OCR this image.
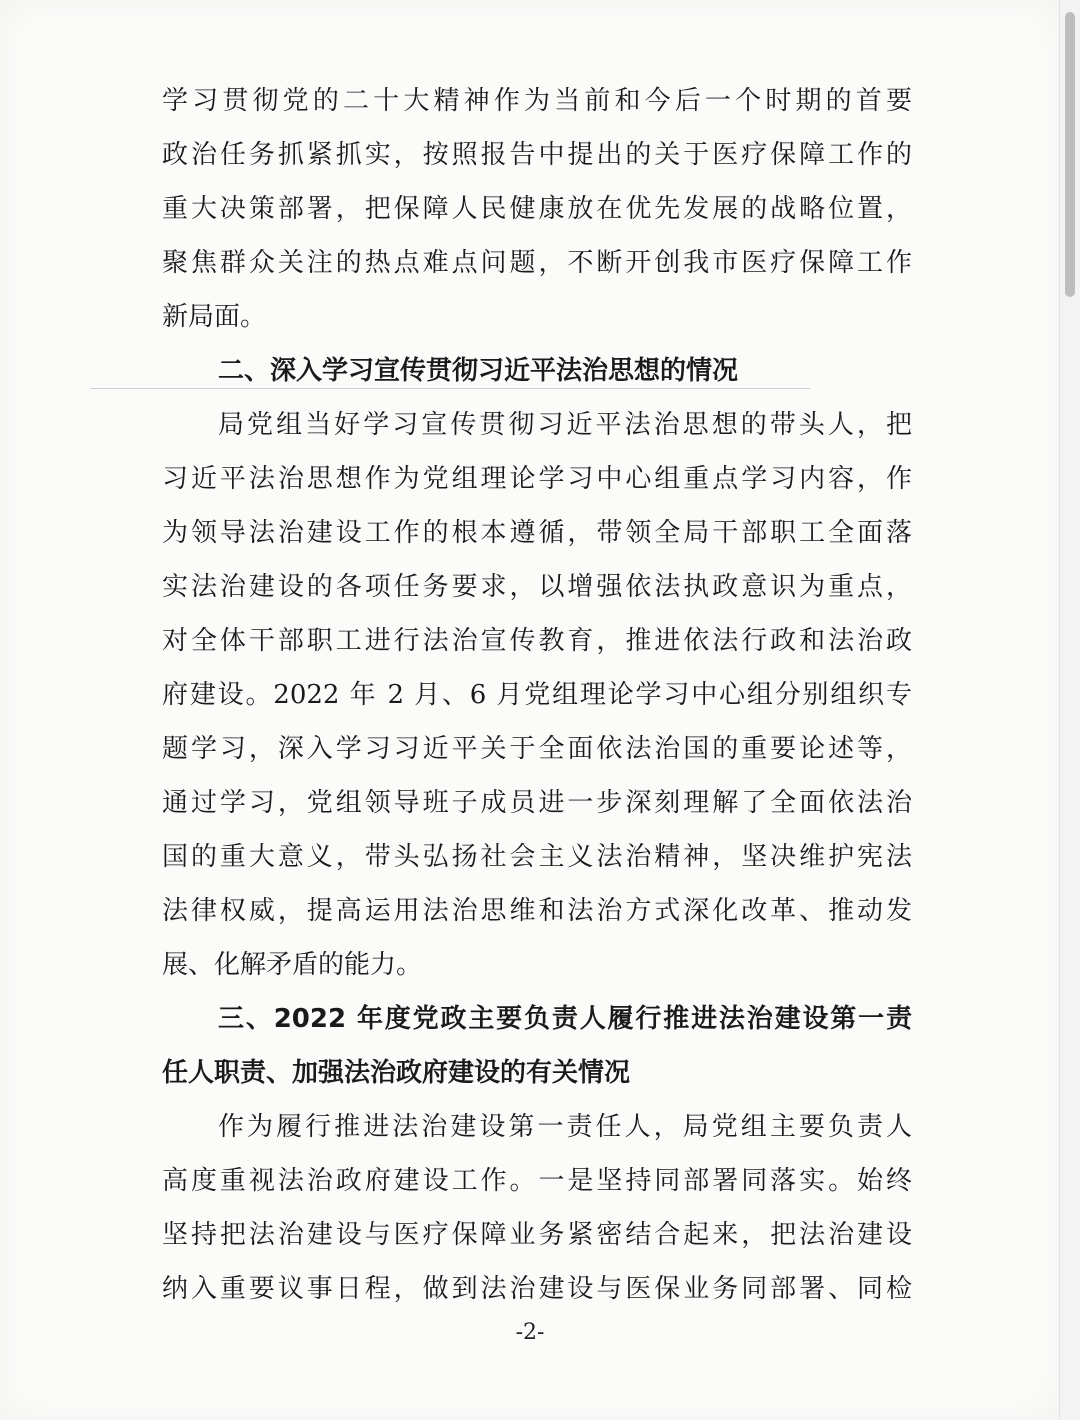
学习贯彻党的二十大精神作为当前和今后一个时期的首要
政治任务抓紧抓实，按照报告中提出的关于医疗保障工作的
重大决策部署，把保障人民健康放在优先发展的战略位置，
聚焦群众关注的热点难点问题，不断开创我市医疗保障工作
新局面。
二、深入学习宣传贯彻习近平法治思想的情况
局党组当好学习宣传贯彻习近平法治思想的带头人，把
习近平法治思想作为党组理论学习中心组重点学习内容，作
为领导法治建设工作的根本遵循，带领全局干部职工全面落
实法治建设的各项任务要求，以增强依法执政意识为重点，
对全体干部职工进行法治宣传教育，推进依法行政和法治政
府建设。2022 年 2 月、6 月党组理论学习中心组分别组织专
题学习，深入学习习近平关于全面依法治国的重要论述等，
通过学习，党组领导班子成员进一步深刻理解了全面依法治
国的重大意义，带头弘扬社会主义法治精神，坚决维护宪法
法律权威，提高运用法治思维和法治方式深化改革、推动发
展、化解矛盾的能力。
三、2022 年度党政主要负责人履行推进法治建设第一责
任人职责、加强法治政府建设的有关情况
作为履行推进法治建设第一责任人，局党组主要负责人
高度重视法治政府建设工作。一是坚持同部署同落实。始终
坚持把法治建设与医疗保障业务紧密结合起来，把法治建设
纳入重要议事日程，做到法治建设与医保业务同部署、同检
-2-
